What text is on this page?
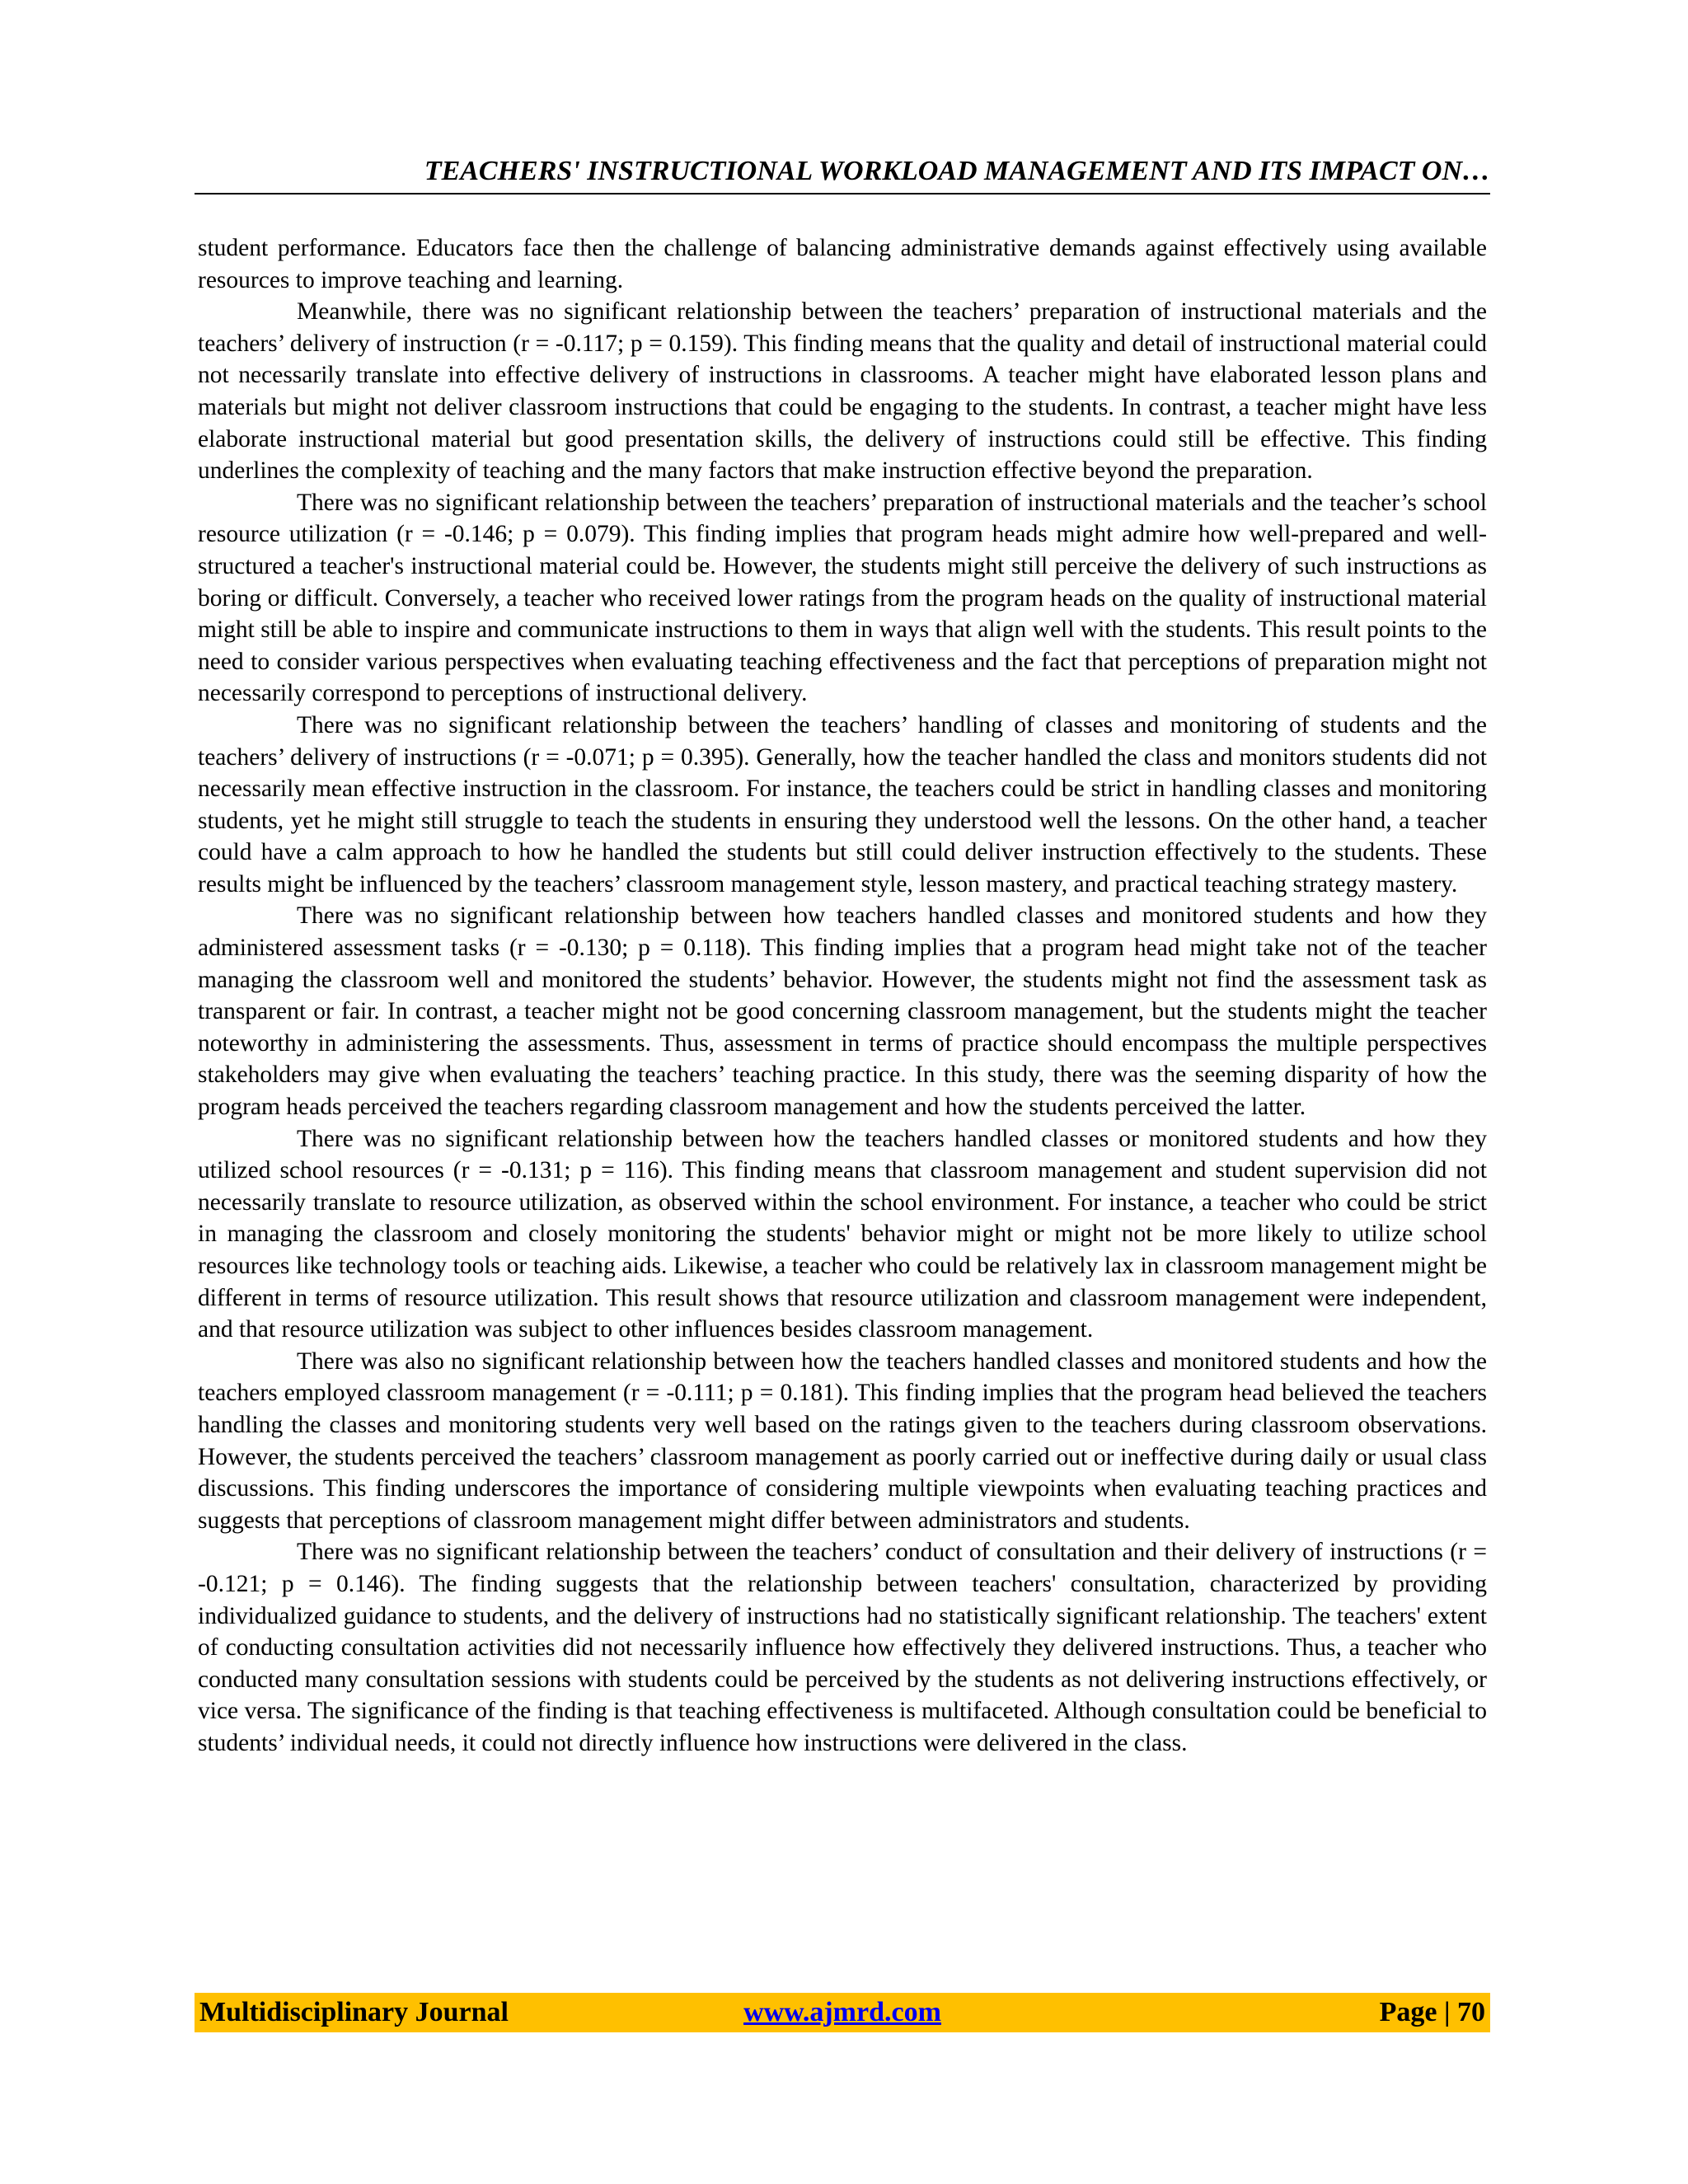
TEACHERS' INSTRUCTIONAL WORKLOAD MANAGEMENT AND ITS IMPACT ON…

student performance. Educators face then the challenge of balancing administrative demands against effectively using available resources to improve teaching and learning.

Meanwhile, there was no significant relationship between the teachers’ preparation of instructional materials and the teachers’ delivery of instruction (r = -0.117; p = 0.159). This finding means that the quality and detail of instructional material could not necessarily translate into effective delivery of instructions in classrooms. A teacher might have elaborated lesson plans and materials but might not deliver classroom instructions that could be engaging to the students. In contrast, a teacher might have less elaborate instructional material but good presentation skills, the delivery of instructions could still be effective. This finding underlines the complexity of teaching and the many factors that make instruction effective beyond the preparation.

There was no significant relationship between the teachers’ preparation of instructional materials and the teacher’s school resource utilization (r = -0.146; p = 0.079). This finding implies that program heads might admire how well-prepared and well-structured a teacher's instructional material could be. However, the students might still perceive the delivery of such instructions as boring or difficult. Conversely, a teacher who received lower ratings from the program heads on the quality of instructional material might still be able to inspire and communicate instructions to them in ways that align well with the students. This result points to the need to consider various perspectives when evaluating teaching effectiveness and the fact that perceptions of preparation might not necessarily correspond to perceptions of instructional delivery.

There was no significant relationship between the teachers’ handling of classes and monitoring of students and the teachers’ delivery of instructions (r = -0.071; p = 0.395). Generally, how the teacher handled the class and monitors students did not necessarily mean effective instruction in the classroom. For instance, the teachers could be strict in handling classes and monitoring students, yet he might still struggle to teach the students in ensuring they understood well the lessons. On the other hand, a teacher could have a calm approach to how he handled the students but still could deliver instruction effectively to the students. These results might be influenced by the teachers’ classroom management style, lesson mastery, and practical teaching strategy mastery.

There was no significant relationship between how teachers handled classes and monitored students and how they administered assessment tasks (r = -0.130; p = 0.118). This finding implies that a program head might take not of the teacher managing the classroom well and monitored the students’ behavior. However, the students might not find the assessment task as transparent or fair. In contrast, a teacher might not be good concerning classroom management, but the students might the teacher noteworthy in administering the assessments. Thus, assessment in terms of practice should encompass the multiple perspectives stakeholders may give when evaluating the teachers’ teaching practice. In this study, there was the seeming disparity of how the program heads perceived the teachers regarding classroom management and how the students perceived the latter.

There was no significant relationship between how the teachers handled classes or monitored students and how they utilized school resources (r = -0.131; p = 116). This finding means that classroom management and student supervision did not necessarily translate to resource utilization, as observed within the school environment. For instance, a teacher who could be strict in managing the classroom and closely monitoring the students' behavior might or might not be more likely to utilize school resources like technology tools or teaching aids. Likewise, a teacher who could be relatively lax in classroom management might be different in terms of resource utilization. This result shows that resource utilization and classroom management were independent, and that resource utilization was subject to other influences besides classroom management.

There was also no significant relationship between how the teachers handled classes and monitored students and how the teachers employed classroom management (r = -0.111; p = 0.181). This finding implies that the program head believed the teachers handling the classes and monitoring students very well based on the ratings given to the teachers during classroom observations. However, the students perceived the teachers’ classroom management as poorly carried out or ineffective during daily or usual class discussions. This finding underscores the importance of considering multiple viewpoints when evaluating teaching practices and suggests that perceptions of classroom management might differ between administrators and students.

There was no significant relationship between the teachers’ conduct of consultation and their delivery of instructions (r = -0.121; p = 0.146). The finding suggests that the relationship between teachers' consultation, characterized by providing individualized guidance to students, and the delivery of instructions had no statistically significant relationship. The teachers' extent of conducting consultation activities did not necessarily influence how effectively they delivered instructions. Thus, a teacher who conducted many consultation sessions with students could be perceived by the students as not delivering instructions effectively, or vice versa. The significance of the finding is that teaching effectiveness is multifaceted. Although consultation could be beneficial to students’ individual needs, it could not directly influence how instructions were delivered in the class.

Multidisciplinary Journal	www.ajmrd.com	Page | 70
